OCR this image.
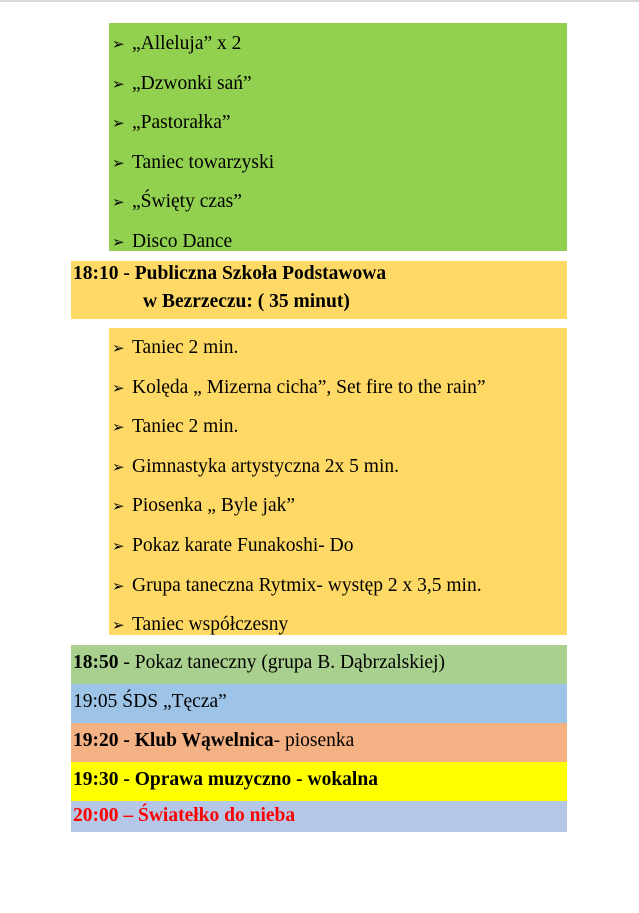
➢ „Alleluja” x 2
➢ „Dzwonki sań”
➢ „Pastorałka”
➢ Taniec towarzyski
➢ „Święty czas”
➢ Disco Dance
18:10 - Publiczna Szkoła Podstawowa
w Bezrzeczu: ( 35 minut)
➢ Taniec 2 min.
➢ Kolęda „ Mizerna cicha”, Set fire to the rain”
➢ Taniec 2 min.
➢ Gimnastyka artystyczna 2x 5 min.
➢ Piosenka „ Byle jak”
➢ Pokaz karate Funakoshi- Do
➢ Grupa taneczna Rytmix- występ 2 x 3,5 min.
➢ Taniec współczesny
18:50 - Pokaz taneczny (grupa B. Dąbrzalskiej)
19:05 ŚDS „Tęcza”
19:20 - Klub Wąwelnica- piosenka
19:30 - Oprawa muzyczno - wokalna
20:00 – Światełko do nieba
